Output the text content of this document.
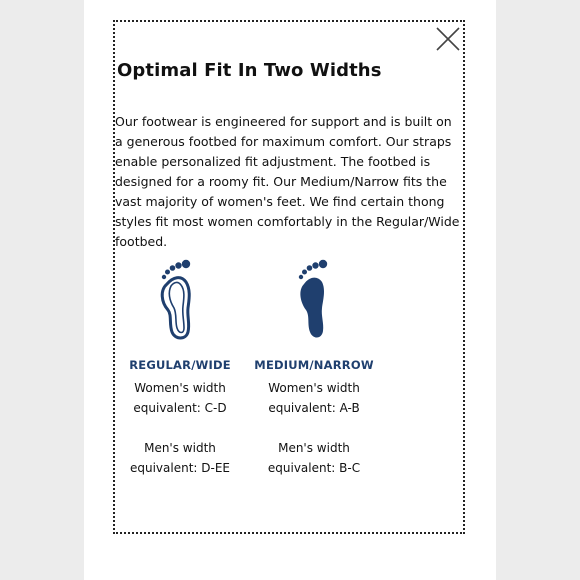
Optimal Fit In Two Widths
Our footwear is engineered for support and is built on a generous footbed for maximum comfort. Our straps enable personalized fit adjustment. The footbed is designed for a roomy fit. Our Medium/Narrow fits the vast majority of women's feet. We find certain thong styles fit most women comfortably in the Regular/Wide footbed.
REGULAR/WIDE
Women's width
equivalent: C-D
Men's width
equivalent: D-EE
MEDIUM/NARROW
Women's width
equivalent: A-B
Men's width
equivalent: B-C
